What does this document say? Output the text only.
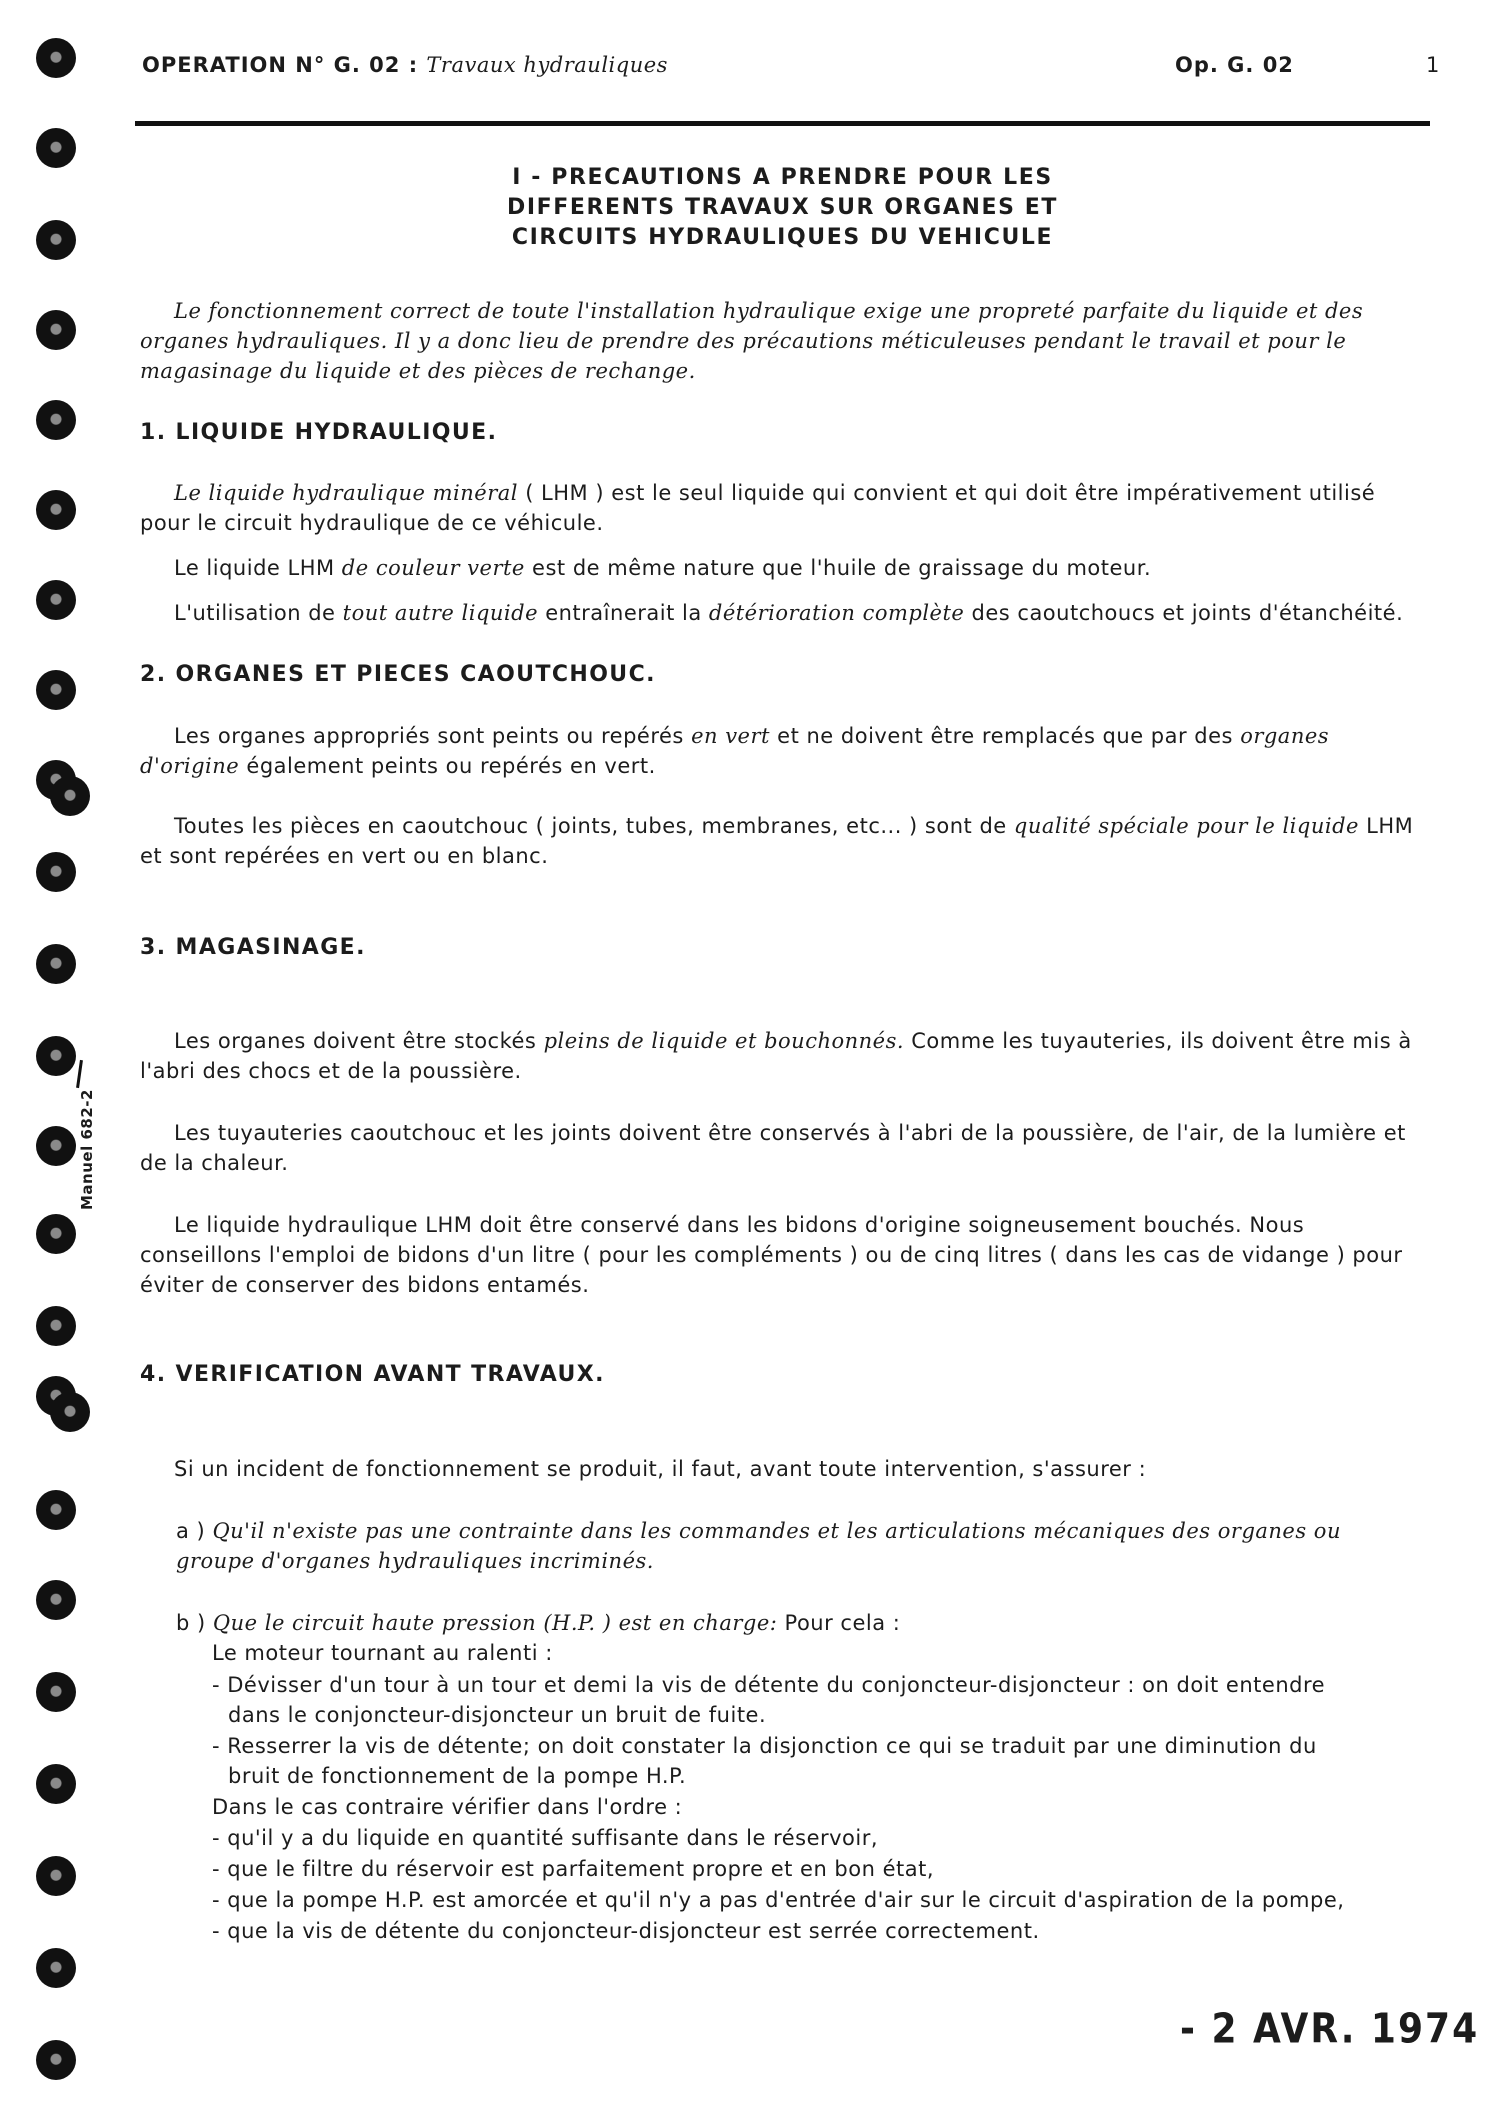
Manuel 682-2
OPERATION N° G. 02 : Travaux hydrauliques	Op. G. 02	1
I - PRECAUTIONS A PRENDRE POUR LES
DIFFERENTS TRAVAUX SUR ORGANES ET
CIRCUITS HYDRAULIQUES DU VEHICULE
Le fonctionnement correct de toute l'installation hydraulique exige une propreté parfaite du liquide et des organes hydrauliques. Il y a donc lieu de prendre des précautions méticuleuses pendant le travail et pour le magasinage du liquide et des pièces de rechange.
1. LIQUIDE HYDRAULIQUE.
Le liquide hydraulique minéral ( LHM ) est le seul liquide qui convient et qui doit être impérativement utilisé pour le circuit hydraulique de ce véhicule.
Le liquide LHM de couleur verte est de même nature que l'huile de graissage du moteur.
L'utilisation de tout autre liquide entraînerait la détérioration complète des caoutchoucs et joints d'étanchéité.
2. ORGANES ET PIECES CAOUTCHOUC.
Les organes appropriés sont peints ou repérés en vert et ne doivent être remplacés que par des organes d'origine également peints ou repérés en vert.
Toutes les pièces en caoutchouc ( joints, tubes, membranes, etc... ) sont de qualité spéciale pour le liquide LHM et sont repérées en vert ou en blanc.
3. MAGASINAGE.
Les organes doivent être stockés pleins de liquide et bouchonnés. Comme les tuyauteries, ils doivent être mis à l'abri des chocs et de la poussière.
Les tuyauteries caoutchouc et les joints doivent être conservés à l'abri de la poussière, de l'air, de la lumière et de la chaleur.
Le liquide hydraulique LHM doit être conservé dans les bidons d'origine soigneusement bouchés. Nous conseillons l'emploi de bidons d'un litre ( pour les compléments ) ou de cinq litres ( dans les cas de vidange ) pour éviter de conserver des bidons entamés.
4. VERIFICATION AVANT TRAVAUX.
Si un incident de fonctionnement se produit, il faut, avant toute intervention, s'assurer :
a ) Qu'il n'existe pas une contrainte dans les commandes et les articulations mécaniques des organes ou groupe d'organes hydrauliques incriminés.
b ) Que le circuit haute pression (H.P. ) est en charge: Pour cela :
Le moteur tournant au ralenti :
- Dévisser d'un tour à un tour et demi la vis de détente du conjoncteur-disjoncteur : on doit entendre dans le conjoncteur-disjoncteur un bruit de fuite.
- Resserrer la vis de détente; on doit constater la disjonction ce qui se traduit par une diminution du bruit de fonctionnement de la pompe H.P.
Dans le cas contraire vérifier dans l'ordre :
- qu'il y a du liquide en quantité suffisante dans le réservoir,
- que le filtre du réservoir est parfaitement propre et en bon état,
- que la pompe H.P. est amorcée et qu'il n'y a pas d'entrée d'air sur le circuit d'aspiration de la pompe,
- que la vis de détente du conjoncteur-disjoncteur est serrée correctement.
- 2 AVR. 1974
